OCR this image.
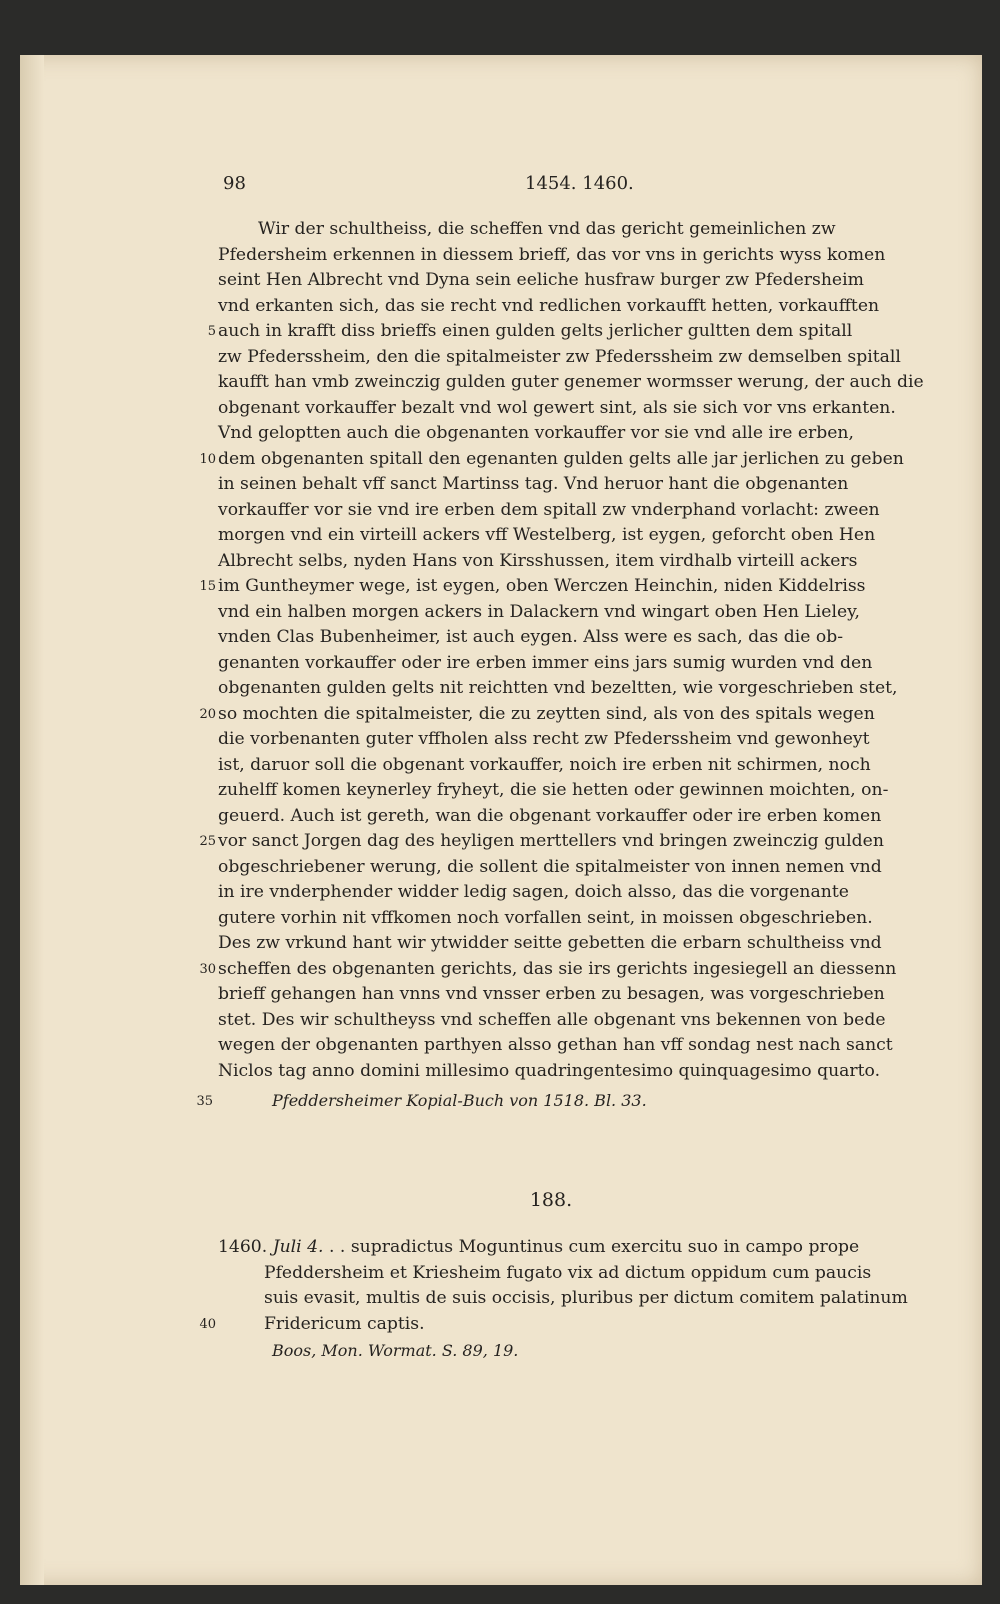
98	1454. 1460.
Wir der schultheiss, die scheffen vnd das gericht gemeinlichen zw
Pfedersheim erkennen in diessem brieff, das vor vns in gerichts wyss komen
seint Hen Albrecht vnd Dyna sein eeliche husfraw burger zw Pfedersheim
vnd erkanten sich, das sie recht vnd redlichen vorkaufft hetten, vorkaufften
5 auch in krafft diss brieffs einen gulden gelts jerlicher gultten dem spitall
zw Pfederssheim, den die spitalmeister zw Pfederssheim zw demselben spitall
kaufft han vmb zweinczig gulden guter genemer wormsser werung, der auch die
obgenant vorkauffer bezalt vnd wol gewert sint, als sie sich vor vns erkanten.
Vnd geloptten auch die obgenanten vorkauffer vor sie vnd alle ire erben,
10 dem obgenanten spitall den egenanten gulden gelts alle jar jerlichen zu geben
in seinen behalt vff sanct Martinss tag. Vnd heruor hant die obgenanten
vorkauffer vor sie vnd ire erben dem spitall zw vnderphand vorlacht: zween
morgen vnd ein virteill ackers vff Westelberg, ist eygen, geforcht oben Hen
Albrecht selbs, nyden Hans von Kirsshussen, item virdhalb virteill ackers
15 im Guntheymer wege, ist eygen, oben Werczen Heinchin, niden Kiddelriss
vnd ein halben morgen ackers in Dalackern vnd wingart oben Hen Lieley,
vnden Clas Bubenheimer, ist auch eygen. Alss were es sach, das die ob-
genanten vorkauffer oder ire erben immer eins jars sumig wurden vnd den
obgenanten gulden gelts nit reichtten vnd bezeltten, wie vorgeschrieben stet,
20 so mochten die spitalmeister, die zu zeytten sind, als von des spitals wegen
die vorbenanten guter vffholen alss recht zw Pfederssheim vnd gewonheyt
ist, daruor soll die obgenant vorkauffer, noich ire erben nit schirmen, noch
zuhelff komen keynerley fryheyt, die sie hetten oder gewinnen moichten, on-
geuerd. Auch ist gereth, wan die obgenant vorkauffer oder ire erben komen
25 vor sanct Jorgen dag des heyligen merttellers vnd bringen zweinczig gulden
obgeschriebener werung, die sollent die spitalmeister von innen nemen vnd
in ire vnderphender widder ledig sagen, doich alsso, das die vorgenante
gutere vorhin nit vffkomen noch vorfallen seint, in moissen obgeschrieben.
Des zw vrkund hant wir ytwidder seitte gebetten die erbarn schultheiss vnd
30 scheffen des obgenanten gerichts, das sie irs gerichts ingesiegell an diessenn
brieff gehangen han vnns vnd vnsser erben zu besagen, was vorgeschrieben
stet. Des wir schultheyss vnd scheffen alle obgenant vns bekennen von bede
wegen der obgenanten parthyen alsso gethan han vff sondag nest nach sanct
Niclos tag anno domini millesimo quadringentesimo quinquagesimo quarto.
35	Pfeddersheimer Kopial-Buch von 1518. Bl. 33.
188.
1460. Juli 4. . . supradictus Moguntinus cum exercitu suo in campo prope
Pfeddersheim et Kriesheim fugato vix ad dictum oppidum cum paucis
suis evasit, multis de suis occisis, pluribus per dictum comitem palatinum
40	Fridericum captis.
Boos, Mon. Wormat. S. 89, 19.
